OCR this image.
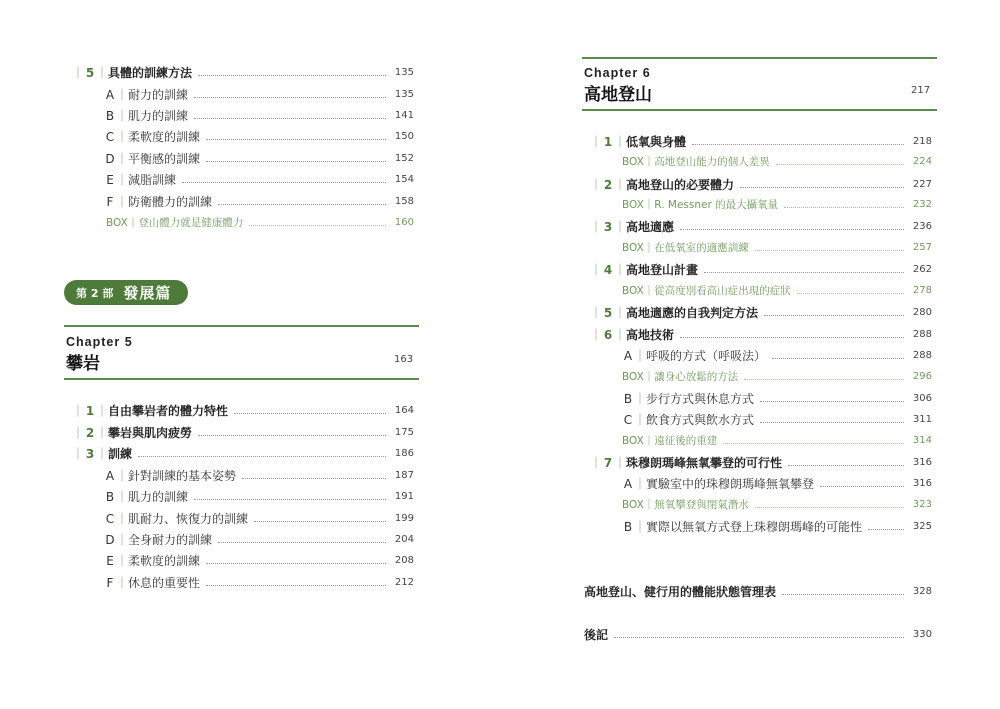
｜ 5 ｜ 具體的訓練方法	135
A ｜ 耐力的訓練	135
B ｜ 肌力的訓練	141
C ｜ 柔軟度的訓練	150
D ｜ 平衡感的訓練	152
E ｜ 減脂訓練	154
F ｜ 防衛體力的訓練	158
BOX｜登山體力就是健康體力	160
第 2 部 發展篇
Chapter 5
攀岩	163
｜ 1 ｜ 自由攀岩者的體力特性	164
｜ 2 ｜ 攀岩與肌肉疲勞	175
｜ 3 ｜ 訓練	186
A ｜ 針對訓練的基本姿勢	187
B ｜ 肌力的訓練	191
C ｜ 肌耐力、恢復力的訓練	199
D ｜ 全身耐力的訓練	204
E ｜ 柔軟度的訓練	208
F ｜ 休息的重要性	212
Chapter 6
高地登山	217
｜ 1 ｜ 低氧與身體	218
BOX｜高地登山能力的個人差異	224
｜ 2 ｜ 高地登山的必要體力	227
BOX｜R. Messner 的最大攝氧量	232
｜ 3 ｜ 高地適應	236
BOX｜在低氧室的適應訓練	257
｜ 4 ｜ 高地登山計畫	262
BOX｜從高度別看高山症出現的症狀	278
｜ 5 ｜ 高地適應的自我判定方法	280
｜ 6 ｜ 高地技術	288
A ｜ 呼吸的方式（呼吸法）	288
BOX｜讓身心放鬆的方法	296
B ｜ 步行方式與休息方式	306
C ｜ 飲食方式與飲水方式	311
BOX｜遠征後的重建	314
｜ 7 ｜ 珠穆朗瑪峰無氧攀登的可行性	316
A ｜ 實驗室中的珠穆朗瑪峰無氧攀登	316
BOX｜無氧攀登與閉氣潛水	323
B ｜ 實際以無氧方式登上珠穆朗瑪峰的可能性	325
高地登山、健行用的體能狀態管理表	328
後記	330
